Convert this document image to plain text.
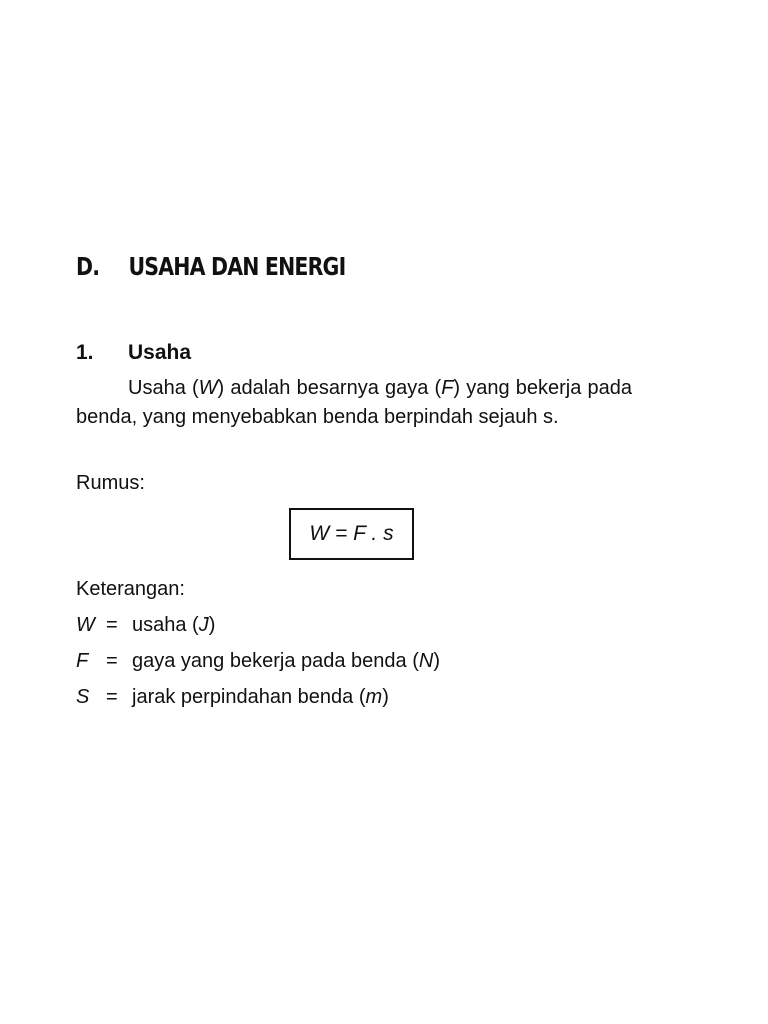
D. USAHA DAN ENERGI
1. Usaha
Usaha (W) adalah besarnya gaya (F) yang bekerja pada benda, yang menyebabkan benda berpindah sejauh s.
Rumus:
W = F . s
Keterangan:
W = usaha (J)
F = gaya yang bekerja pada benda (N)
S = jarak perpindahan benda (m)
